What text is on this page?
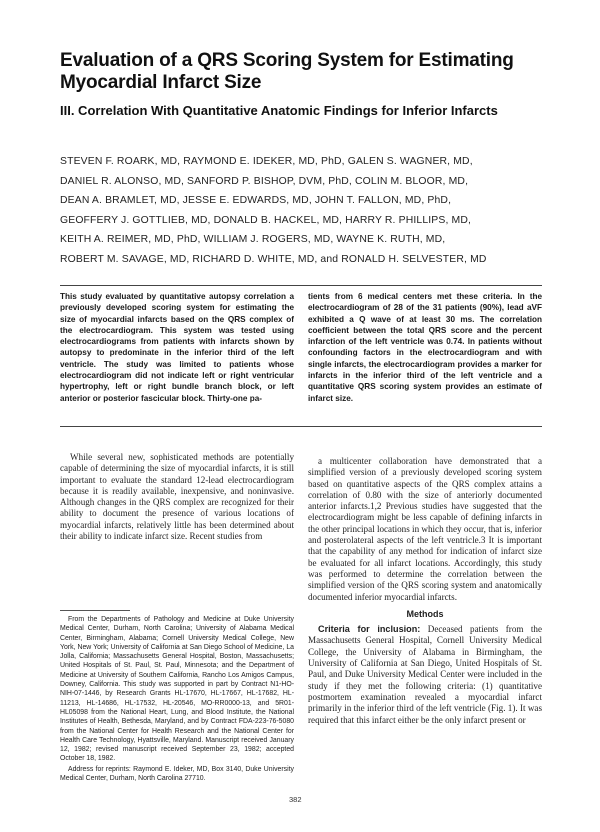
Evaluation of a QRS Scoring System for Estimating Myocardial Infarct Size
III. Correlation With Quantitative Anatomic Findings for Inferior Infarcts
STEVEN F. ROARK, MD, RAYMOND E. IDEKER, MD, PhD, GALEN S. WAGNER, MD,
DANIEL R. ALONSO, MD, SANFORD P. BISHOP, DVM, PhD, COLIN M. BLOOR, MD,
DEAN A. BRAMLET, MD, JESSE E. EDWARDS, MD, JOHN T. FALLON, MD, PhD,
GEOFFERY J. GOTTLIEB, MD, DONALD B. HACKEL, MD, HARRY R. PHILLIPS, MD,
KEITH A. REIMER, MD, PhD, WILLIAM J. ROGERS, MD, WAYNE K. RUTH, MD,
ROBERT M. SAVAGE, MD, RICHARD D. WHITE, MD, and RONALD H. SELVESTER, MD
This study evaluated by quantitative autopsy correlation a previously developed scoring system for estimating the size of myocardial infarcts based on the QRS complex of the electrocardiogram. This system was tested using electrocardiograms from patients with infarcts shown by autopsy to predominate in the inferior third of the left ventricle. The study was limited to patients whose electrocardiogram did not indicate left or right ventricular hypertrophy, left or right bundle branch block, or left anterior or posterior fascicular block. Thirty-one pa-
tients from 6 medical centers met these criteria. In the electrocardiogram of 28 of the 31 patients (90%), lead aVF exhibited a Q wave of at least 30 ms. The correlation coefficient between the total QRS score and the percent infarction of the left ventricle was 0.74. In patients without confounding factors in the electrocardiogram and with single infarcts, the electrocardiogram provides a marker for infarcts in the inferior third of the left ventricle and a quantitative QRS scoring system provides an estimate of infarct size.

While several new, sophisticated methods are potentially capable of determining the size of myocardial infarcts, it is still important to evaluate the standard 12-lead electrocardiogram because it is readily available, inexpensive, and noninvasive. Although changes in the QRS complex are recognized for their ability to document the presence of various locations of myocardial infarcts, relatively little has been determined about their ability to indicate infarct size. Recent studies from

From the Departments of Pathology and Medicine at Duke University Medical Center, Durham, North Carolina; University of Alabama Medical Center, Birmingham, Alabama; Cornell University Medical College, New York, New York; University of California at San Diego School of Medicine, La Jolla, California; Massachusetts General Hospital, Boston, Massachusetts; United Hospitals of St. Paul, St. Paul, Minnesota; and the Department of Medicine at University of Southern California, Rancho Los Amigos Campus, Downey, California. This study was supported in part by Contract N1-HO-NIH-07-1446, by Research Grants HL-17670, HL-17667, HL-17682, HL-11213, HL-14686, HL-17532, HL-20546, MO-RR0000-13, and 5R01-HL05098 from the National Heart, Lung, and Blood Institute, the National Institutes of Health, Bethesda, Maryland, and by Contract FDA-223-76-5080 from the National Center for Health Research and the National Center for Health Care Technology, Hyattsville, Maryland. Manuscript received January 12, 1982; revised manuscript received September 23, 1982; accepted October 18, 1982.

Address for reprints: Raymond E. Ideker, MD, Box 3140, Duke University Medical Center, Durham, North Carolina 27710.

a multicenter collaboration have demonstrated that a simplified version of a previously developed scoring system based on quantitative aspects of the QRS complex attains a correlation of 0.80 with the size of anteriorly documented anterior infarcts.1,2 Previous studies have suggested that the electrocardiogram might be less capable of defining infarcts in the other principal locations in which they occur, that is, inferior and posterolateral aspects of the left ventricle.3 It is important that the capability of any method for indication of infarct size be evaluated for all infarct locations. Accordingly, this study was performed to determine the correlation between the simplified version of the QRS scoring system and anatomically documented inferior myocardial infarcts.

Methods

Criteria for inclusion: Deceased patients from the Massachusetts General Hospital, Cornell University Medical College, the University of Alabama in Birmingham, the University of California at San Diego, United Hospitals of St. Paul, and Duke University Medical Center were included in the study if they met the following criteria: (1) quantitative postmortem examination revealed a myocardial infarct primarily in the inferior third of the left ventricle (Fig. 1). It was required that this infarct either be the only infarct present or

382
